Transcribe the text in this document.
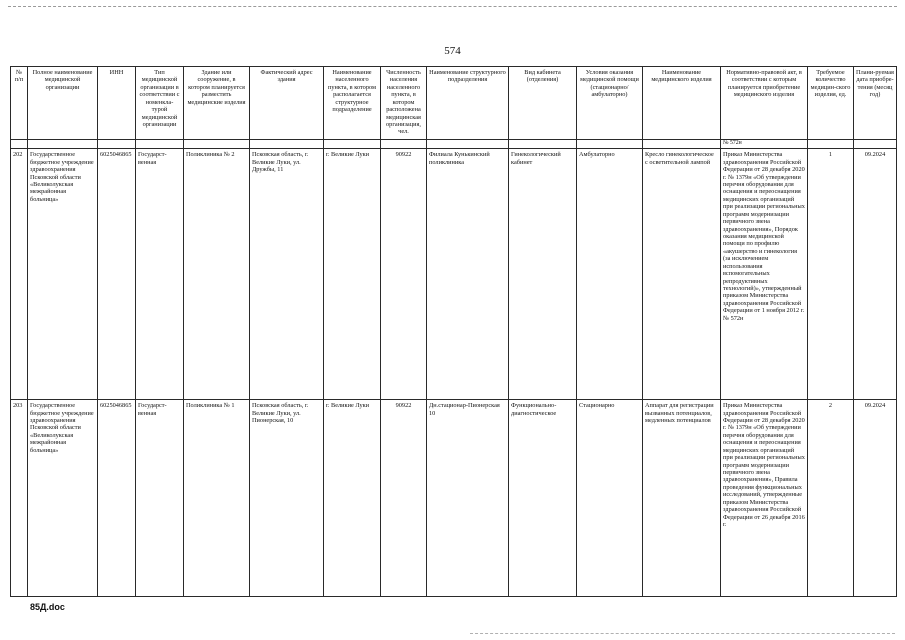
574
№ п/п	Полное наименование медицинской организации	ИНН	Тип медицинской организации в соответствии с номенкла-турой медицинской организации	Здание или сооружение, в котором планируется разместить медицинские изделия	Фактический адрес здания	Наименование населенного пункта, в котором располагается структурное подразделение	Численность населения населенного пункта, в котором расположена медицинская организация, чел.	Наименование структурного подразделения	Вид кабинета (отделения)	Условия оказания медицинской помощи (стационарно/ амбулаторно)	Наименование медицинского изделия	Нормативно-правовой акт, в соответствии с которым планируется приобретение медицинского изделия	Требуемое количество медицин-ского изделия, ед.	Плани-руемая дата приобре-тения (месяц год)
												№ 572н		
202	Государственное бюджетное учреждение здравоохранения Псковской области «Великолукская межрайонная больница»	6025046865	Государст-венная	Поликлиника № 2	Псковская область, г. Великие Луки, ул. Дружбы, 11	г. Великие Луки	90922	Филиала Кунькинский поликлиника	Гинекологический кабинет	Амбулаторно	Кресло гинекологическое с осветительной лампой	Приказ Министерства здравоохранения Российской Федерации от 28 декабря 2020 г. № 1379н «Об утверждении перечня оборудования для оснащения и переоснащения медицинских организаций при реализации региональных программ модернизации первичного звена здравоохранения», Порядок оказания медицинской помощи по профилю «акушерство и гинекология (за исключением использования вспомогательных репродуктивных технологий)», утвержденный приказом Министерства здравоохранения Российской Федерации от 1 ноября 2012 г. № 572н	1	09.2024
203	Государственное бюджетное учреждение здравоохранения Псковской области «Великолукская межрайонная больница»	6025046865	Государст-венная	Поликлиника № 1	Псковская область, г. Великие Луки, ул. Пионерская, 10	г. Великие Луки	90922	Дн.стационар-Пионерская 10	Функционально-диагностическое	Стационарно	Аппарат для регистрации вызванных потенциалов, медленных потенциалов	Приказ Министерства здравоохранения Российской Федерации от 28 декабря 2020 г. № 1379н «Об утверждении перечня оборудования для оснащения и переоснащения медицинских организаций при реализации региональных программ модернизации первичного звена здравоохранения», Правила проведения функциональных исследований, утвержденные приказом Министерства здравоохранения Российской Федерации от 26 декабря 2016 г.	2	09.2024
85Д.doc
